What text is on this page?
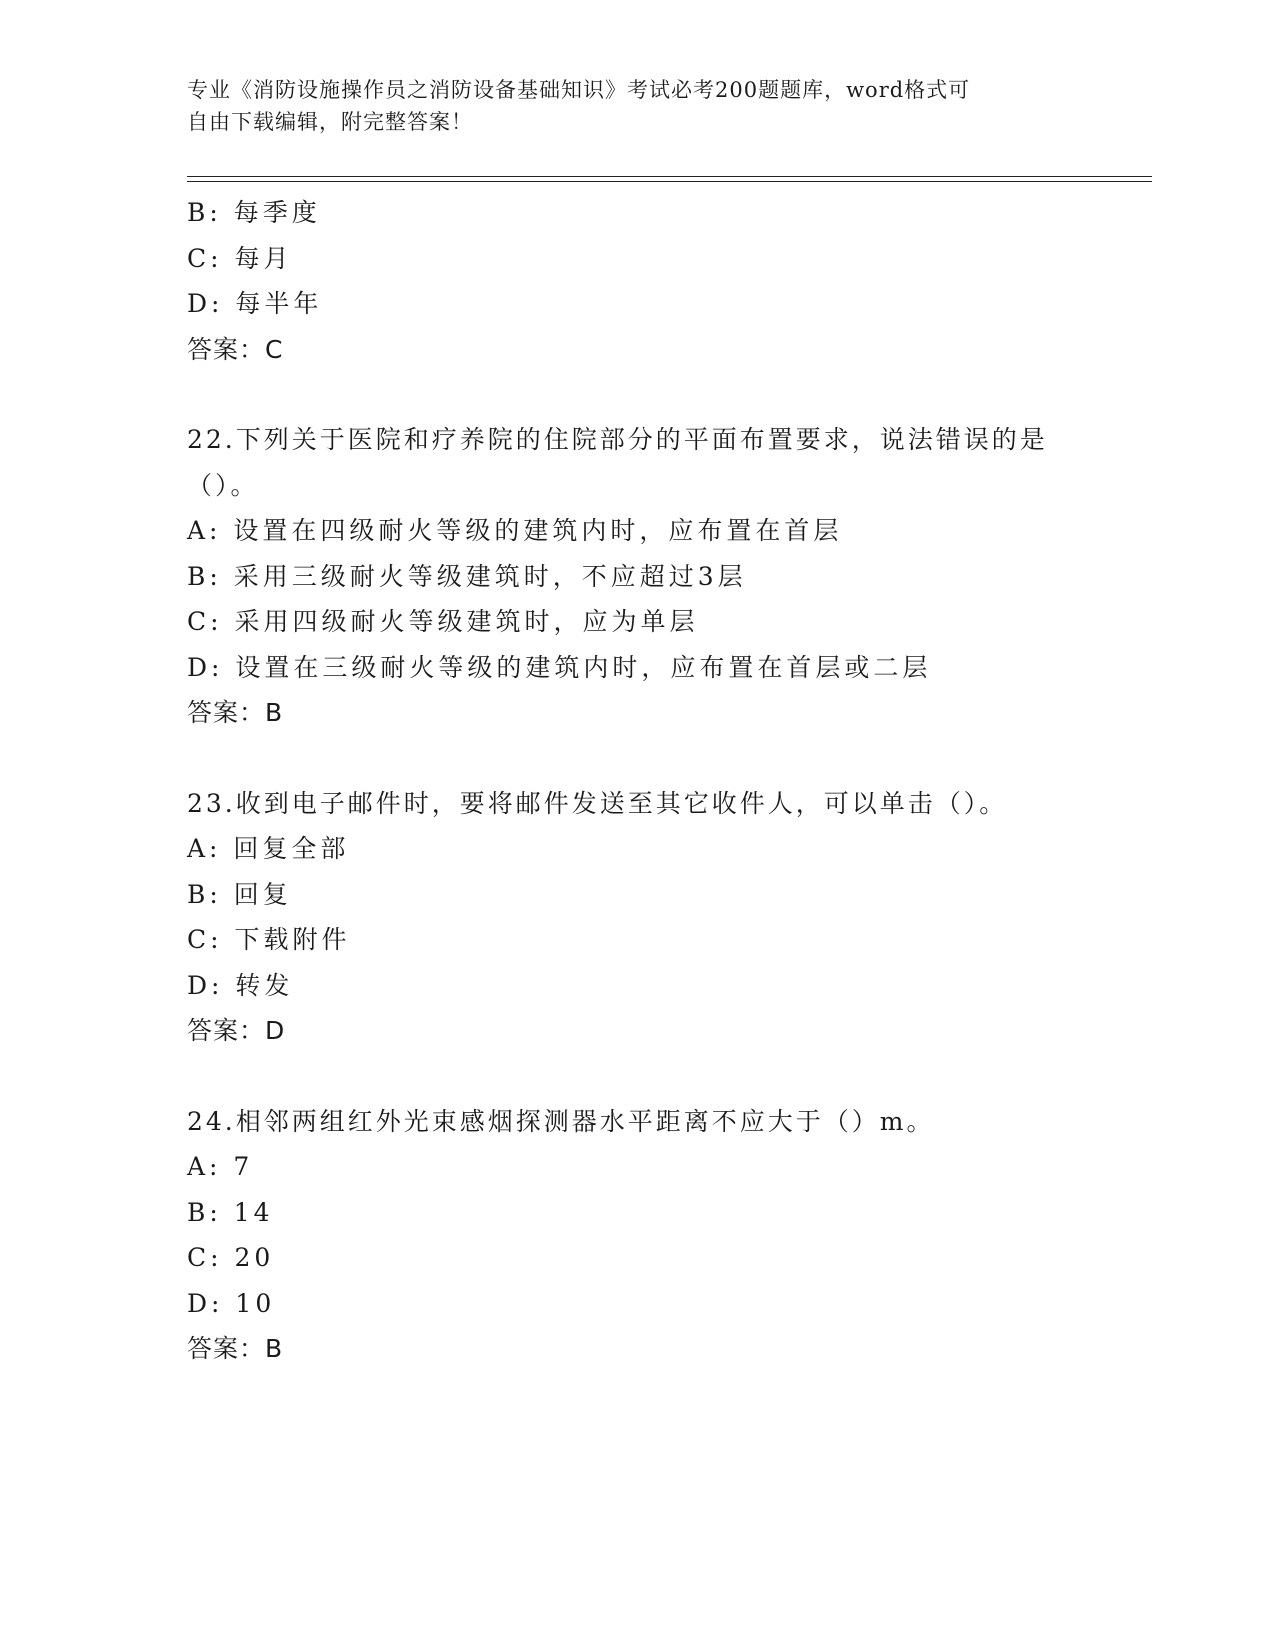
专业《消防设施操作员之消防设备基础知识》考试必考200题题库，word格式可
自由下载编辑，附完整答案！
B: 每季度
C: 每月
D: 每半年
答案：C
22.下列关于医院和疗养院的住院部分的平面布置要求，说法错误的是
（）。
A: 设置在四级耐火等级的建筑内时，应布置在首层
B: 采用三级耐火等级建筑时，不应超过3层
C: 采用四级耐火等级建筑时，应为单层
D: 设置在三级耐火等级的建筑内时，应布置在首层或二层
答案：B
23.收到电子邮件时，要将邮件发送至其它收件人，可以单击（）。
A: 回复全部
B: 回复
C: 下载附件
D: 转发
答案：D
24.相邻两组红外光束感烟探测器水平距离不应大于（）m。
A: 7
B: 14
C: 20
D: 10
答案：B
